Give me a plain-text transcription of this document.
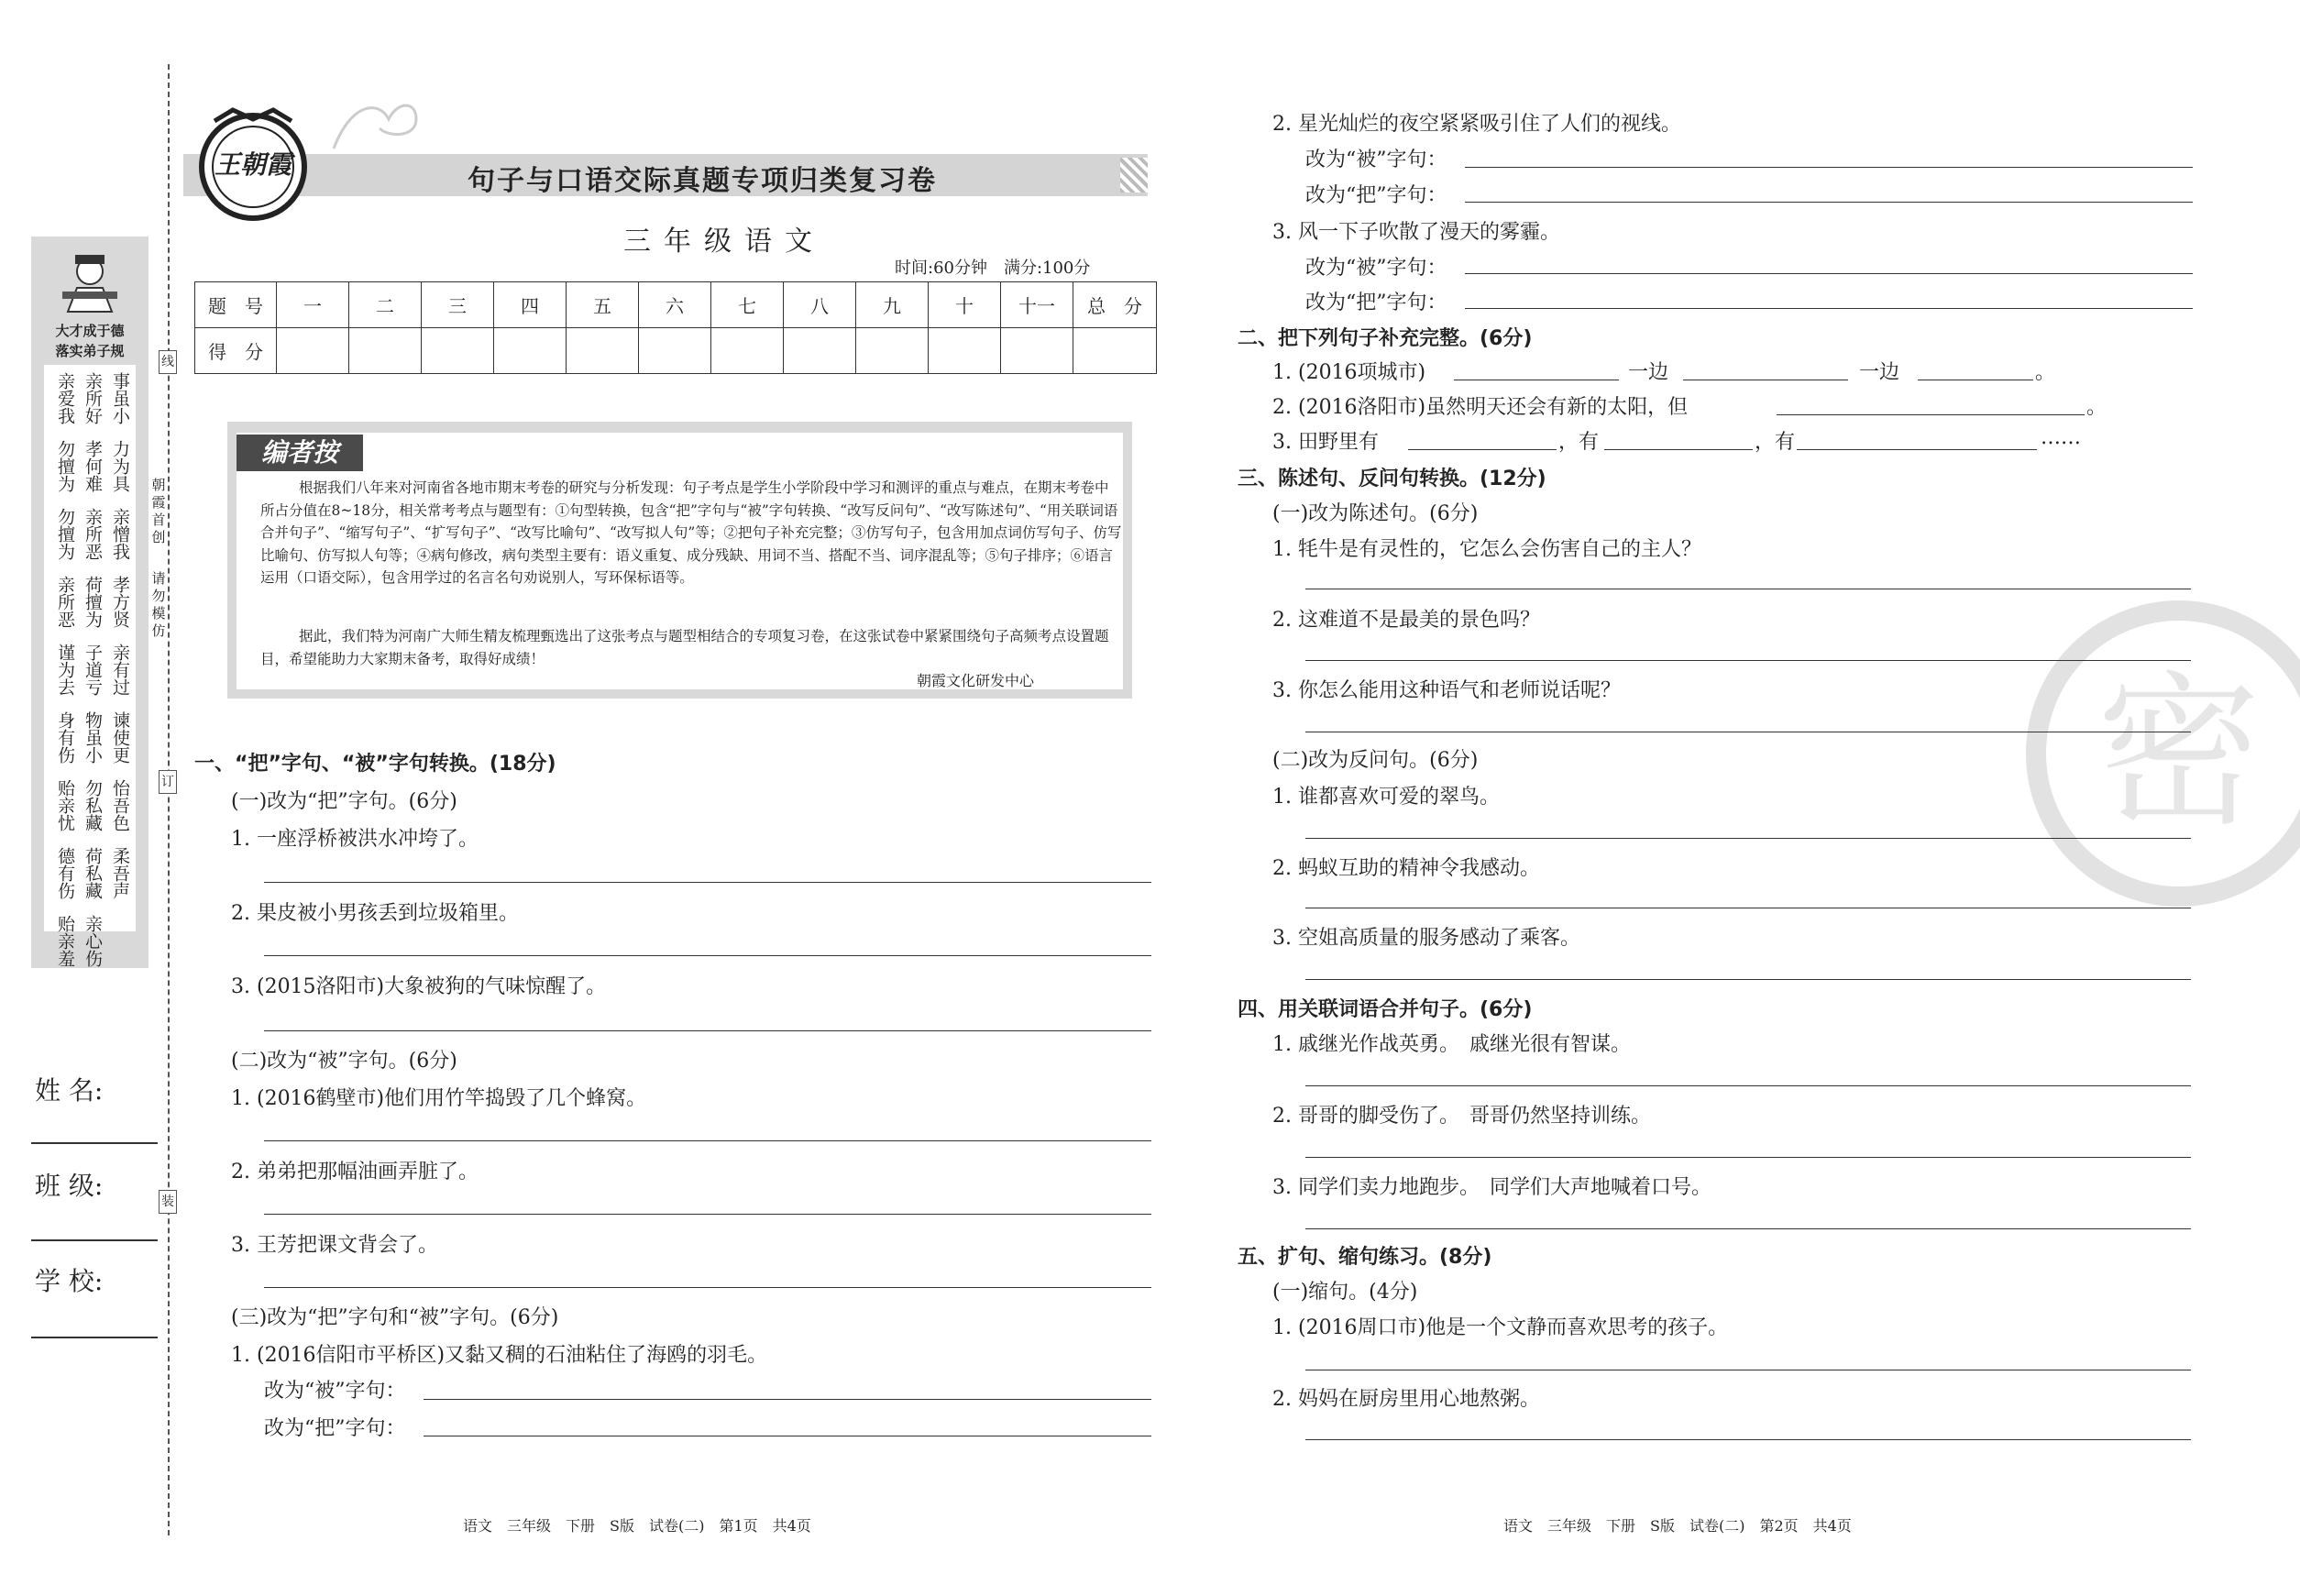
大才成于德
落实弟子规
亲爱我 亲所好 事虽小
勿擅为 孝何难 力为具
勿擅为 亲所恶 亲憎我
亲所恶 荷擅为 孝方贤
谨为去 子道亏 亲有过
身有伤 物虽小 谏使更
贻亲忧 勿私藏 怡吾色
德有伤 荷私藏 柔吾声
贻亲羞 亲心伤
线
订
装
朝霞首创
请勿模仿
姓 名:
班 级:
学 校:
王朝霞
句子与口语交际真题专项归类复习卷
三年级语文
时间:60分钟　满分:100分
题　号	一	二	三	四	五	六	七	八	九	十	十一	总　分
得　分												
编者按
根据我们八年来对河南省各地市期末考卷的研究与分析发现：句子考点是学生小学阶段中学习和测评的重点与难点，在期末考卷中所占分值在8~18分，相关常考考点与题型有：①句型转换，包含“把”字句与“被”字句转换、“改写反问句”、“改写陈述句”、“用关联词语合并句子”、“缩写句子”、“扩写句子”、“改写比喻句”、“改写拟人句”等；②把句子补充完整；③仿写句子，包含用加点词仿写句子、仿写比喻句、仿写拟人句等；④病句修改，病句类型主要有：语义重复、成分残缺、用词不当、搭配不当、词序混乱等；⑤句子排序；⑥语言运用（口语交际），包含用学过的名言名句劝说别人，写环保标语等。
据此，我们特为河南广大师生精友梳理甄选出了这张考点与题型相结合的专项复习卷，在这张试卷中紧紧围绕句子高频考点设置题目，希望能助力大家期末备考，取得好成绩！
朝霞文化研发中心
一、“把”字句、“被”字句转换。(18分)
(一)改为“把”字句。(6分)
1. 一座浮桥被洪水冲垮了。
2. 果皮被小男孩丢到垃圾箱里。
3. (2015洛阳市)大象被狗的气味惊醒了。
(二)改为“被”字句。(6分)
1. (2016鹤壁市)他们用竹竿捣毁了几个蜂窝。
2. 弟弟把那幅油画弄脏了。
3. 王芳把课文背会了。
(三)改为“把”字句和“被”字句。(6分)
1. (2016信阳市平桥区)又黏又稠的石油粘住了海鸥的羽毛。
改为“被”字句：
改为“把”字句：
语文　三年级　下册　S版　试卷(二)　第1页　共4页
密
2. 星光灿烂的夜空紧紧吸引住了人们的视线。
改为“被”字句：
改为“把”字句：
3. 风一下子吹散了漫天的雾霾。
改为“被”字句：
改为“把”字句：
二、把下列句子补充完整。(6分)
1. (2016项城市)	一边	一边	。
2. (2016洛阳市)虽然明天还会有新的太阳，但	。
3. 田野里有	，有	，有	……
三、陈述句、反问句转换。(12分)
(一)改为陈述句。(6分)
1. 牦牛是有灵性的，它怎么会伤害自己的主人？
2. 这难道不是最美的景色吗？
3. 你怎么能用这种语气和老师说话呢？
(二)改为反问句。(6分)
1. 谁都喜欢可爱的翠鸟。
2. 蚂蚁互助的精神令我感动。
3. 空姐高质量的服务感动了乘客。
四、用关联词语合并句子。(6分)
1. 戚继光作战英勇。　戚继光很有智谋。
2. 哥哥的脚受伤了。　哥哥仍然坚持训练。
3. 同学们卖力地跑步。　同学们大声地喊着口号。
五、扩句、缩句练习。(8分)
(一)缩句。(4分)
1. (2016周口市)他是一个文静而喜欢思考的孩子。
2. 妈妈在厨房里用心地熬粥。
语文　三年级　下册　S版　试卷(二)　第2页　共4页
